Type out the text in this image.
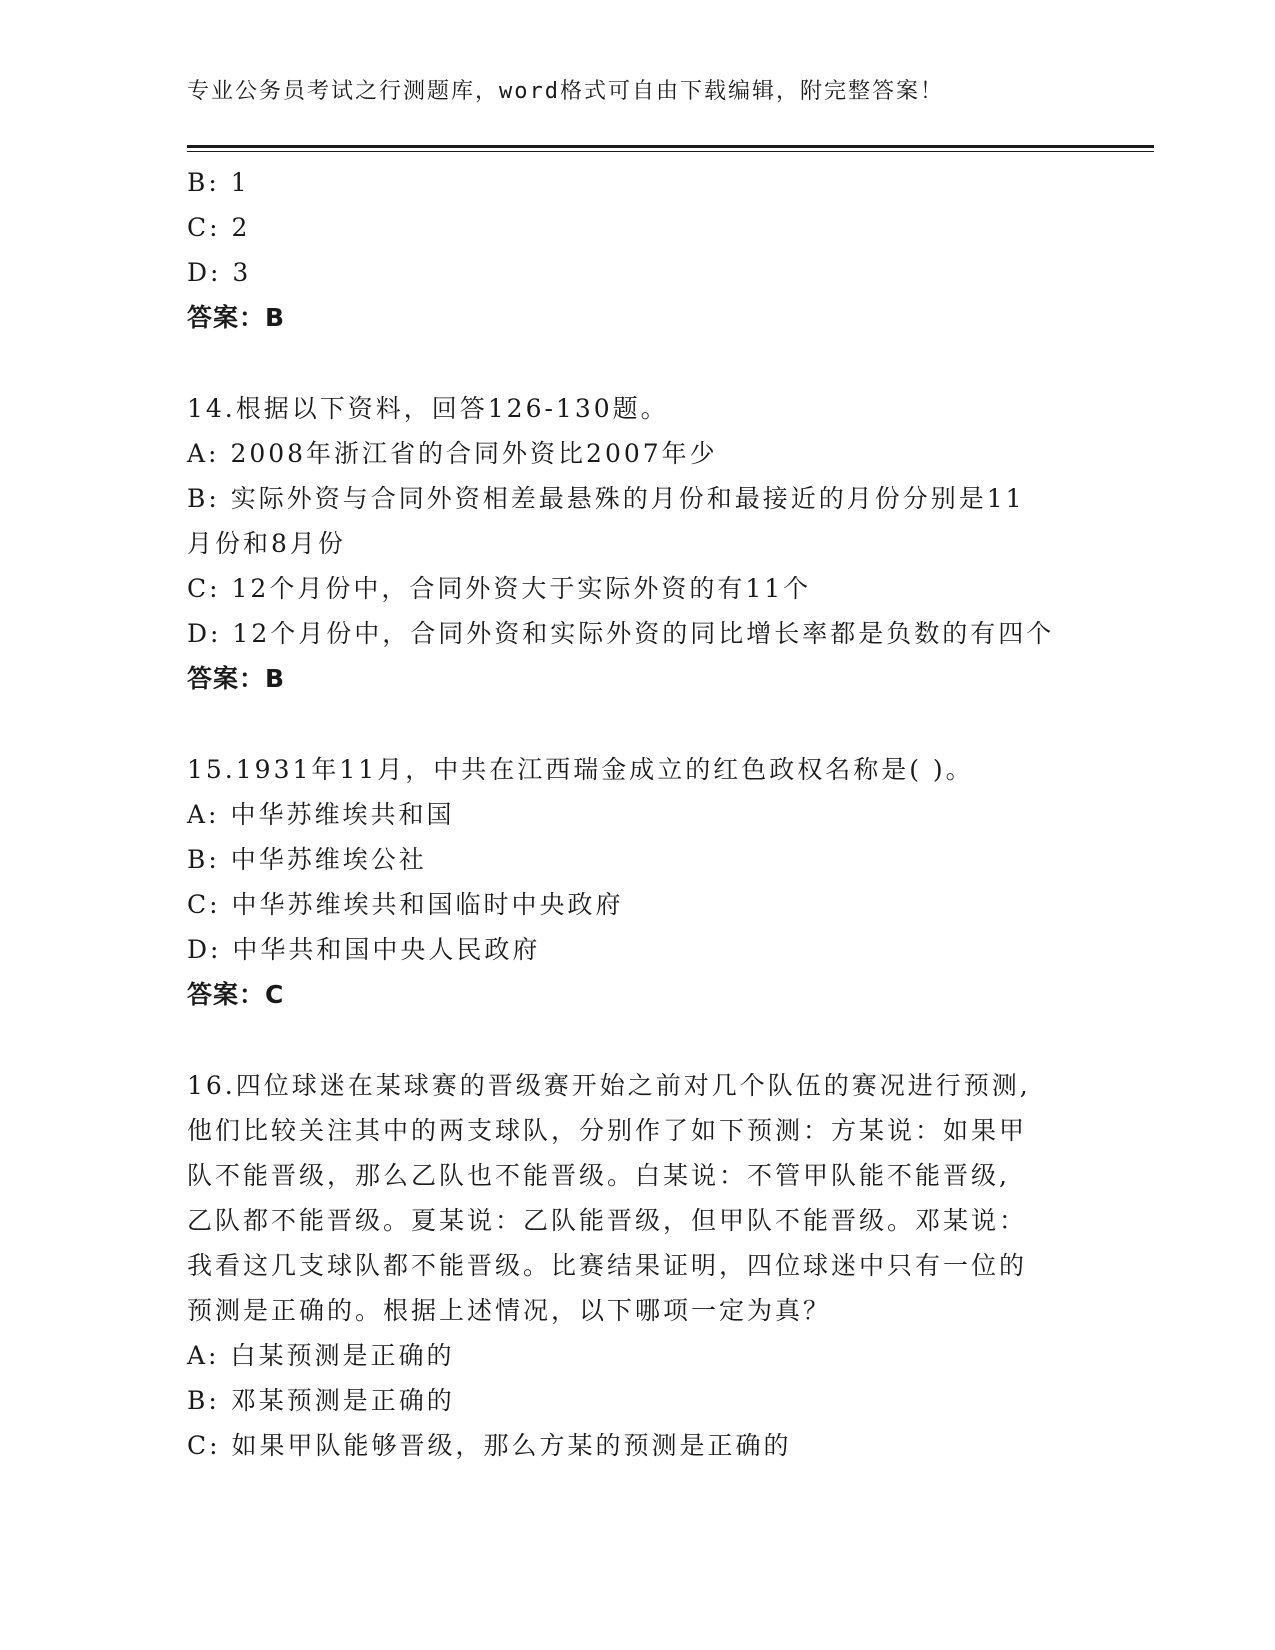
专业公务员考试之行测题库，word格式可自由下载编辑，附完整答案！
B: 1
C: 2
D: 3
答案：B
14.根据以下资料，回答126-130题。
A: 2008年浙江省的合同外资比2007年少
B: 实际外资与合同外资相差最悬殊的月份和最接近的月份分别是11
月份和8月份
C: 12个月份中，合同外资大于实际外资的有11个
D: 12个月份中，合同外资和实际外资的同比增长率都是负数的有四个
答案：B
15.1931年11月，中共在江西瑞金成立的红色政权名称是( )。
A: 中华苏维埃共和国
B: 中华苏维埃公社
C: 中华苏维埃共和国临时中央政府
D: 中华共和国中央人民政府
答案：C
16.四位球迷在某球赛的晋级赛开始之前对几个队伍的赛况进行预测,
他们比较关注其中的两支球队，分别作了如下预测：方某说：如果甲
队不能晋级，那么乙队也不能晋级。白某说：不管甲队能不能晋级,
乙队都不能晋级。夏某说：乙队能晋级，但甲队不能晋级。邓某说：
我看这几支球队都不能晋级。比赛结果证明，四位球迷中只有一位的
预测是正确的。根据上述情况，以下哪项一定为真？
A: 白某预测是正确的
B: 邓某预测是正确的
C: 如果甲队能够晋级，那么方某的预测是正确的
